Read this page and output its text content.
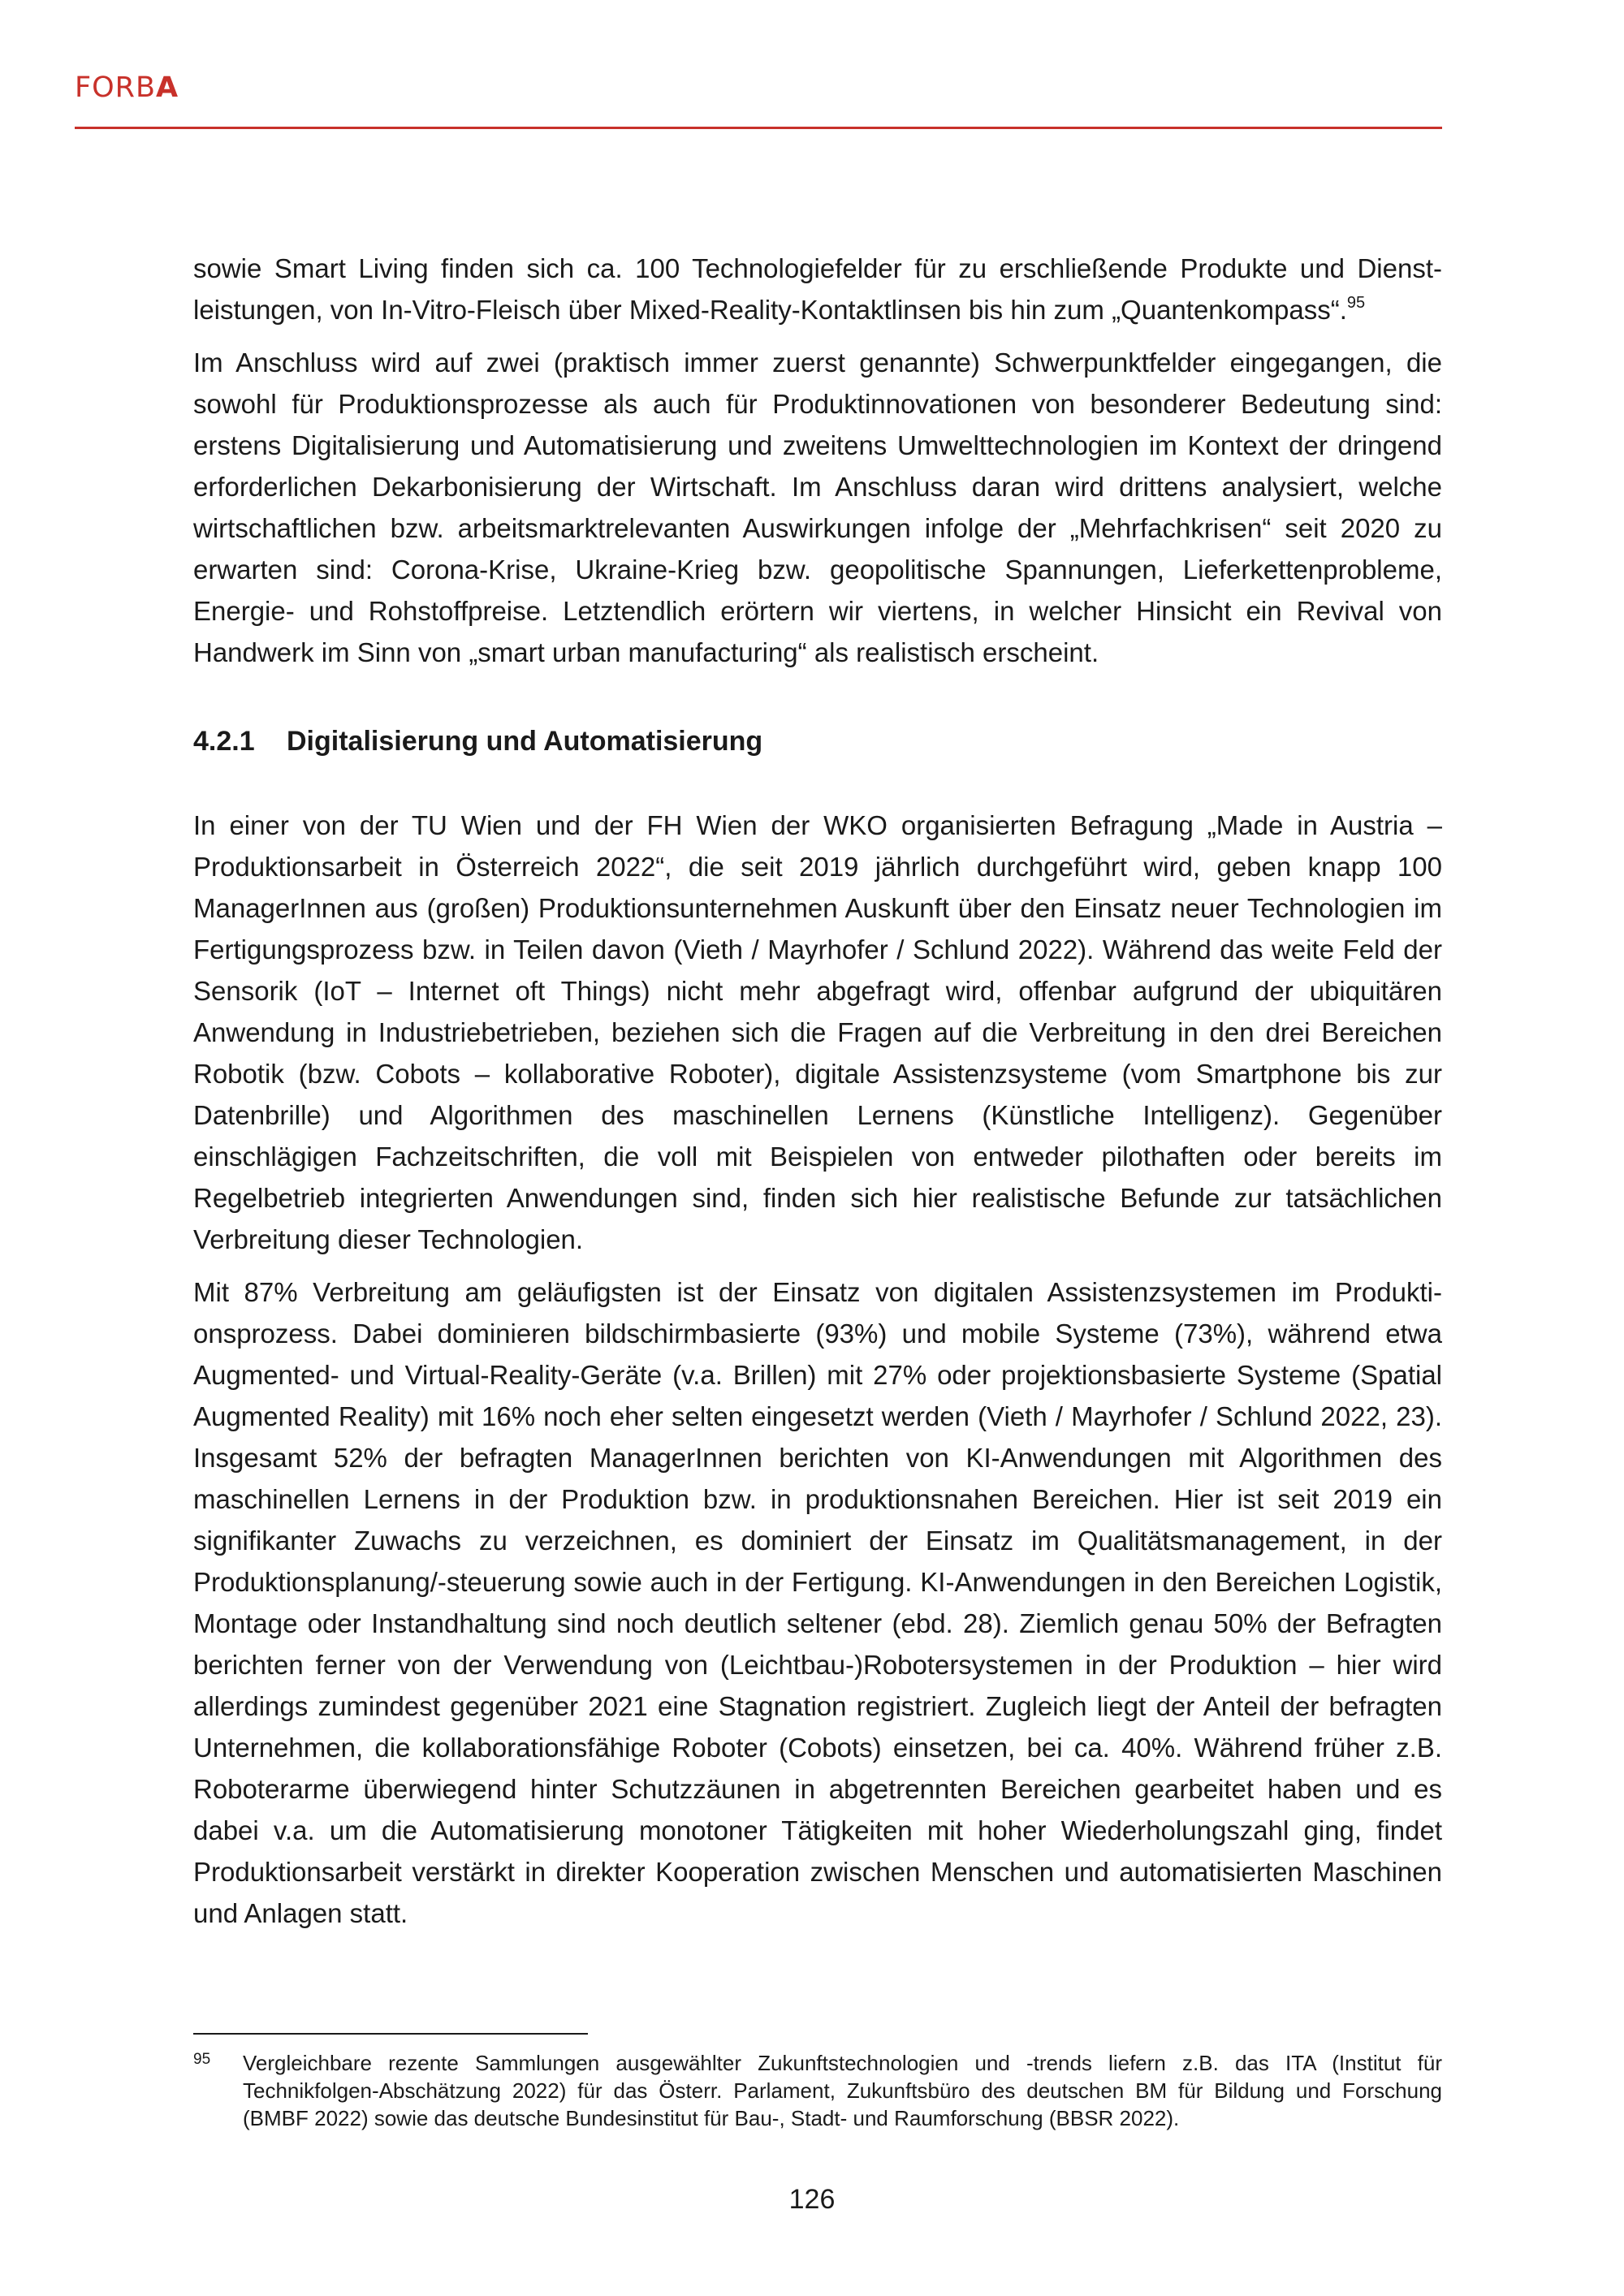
FORBA

sowie Smart Living finden sich ca. 100 Technologiefelder für zu erschließende Produkte und Dienstleistungen, von In-Vitro-Fleisch über Mixed-Reality-Kontaktlinsen bis hin zum „Quantenkompass“.$^{95}$

Im Anschluss wird auf zwei (praktisch immer zuerst genannte) Schwerpunktfelder eingegangen, die sowohl für Produktionsprozesse als auch für Produktinnovationen von besonderer Bedeutung sind: erstens Digitalisierung und Automatisierung und zweitens Umwelttechnologien im Kontext der dringend erforderlichen Dekarbonisierung der Wirtschaft. Im Anschluss daran wird drittens analysiert, welche wirtschaftlichen bzw. arbeitsmarktrelevanten Auswirkungen infolge der „Mehrfachkrisen“ seit 2020 zu erwarten sind: Corona-Krise, Ukraine-Krieg bzw. geopolitische Spannungen, Lieferkettenprobleme, Energie- und Rohstoffpreise. Letztendlich erörtern wir viertens, in welcher Hinsicht ein Revival von Handwerk im Sinn von „smart urban manufacturing“ als realistisch erscheint.

4.2.1 Digitalisierung und Automatisierung

In einer von der TU Wien und der FH Wien der WKO organisierten Befragung „Made in Austria – Produktionsarbeit in Österreich 2022“, die seit 2019 jährlich durchgeführt wird, geben knapp 100 ManagerInnen aus (großen) Produktionsunternehmen Auskunft über den Einsatz neuer Technologien im Fertigungsprozess bzw. in Teilen davon (Vieth / Mayrhofer / Schlund 2022). Während das weite Feld der Sensorik (IoT – Internet oft Things) nicht mehr abgefragt wird, offenbar aufgrund der ubiquitären Anwendung in Industriebetrieben, beziehen sich die Fragen auf die Verbreitung in den drei Bereichen Robotik (bzw. Cobots – kollaborative Roboter), digitale Assistenzsysteme (vom Smartphone bis zur Datenbrille) und Algorithmen des maschinellen Lernens (Künstliche Intelligenz). Gegenüber einschlägigen Fachzeitschriften, die voll mit Beispielen von entweder pilothaften oder bereits im Regelbetrieb integrierten Anwendungen sind, finden sich hier realistische Befunde zur tatsächlichen Verbreitung dieser Technologien.

Mit 87% Verbreitung am geläufigsten ist der Einsatz von digitalen Assistenzsystemen im Produktionsprozess. Dabei dominieren bildschirmbasierte (93%) und mobile Systeme (73%), während etwa Augmented- und Virtual-Reality-Geräte (v.a. Brillen) mit 27% oder projektionsbasierte Systeme (Spatial Augmented Reality) mit 16% noch eher selten eingesetzt werden (Vieth / Mayrhofer / Schlund 2022, 23). Insgesamt 52% der befragten ManagerInnen berichten von KI-Anwendungen mit Algorithmen des maschinellen Lernens in der Produktion bzw. in produktionsnahen Bereichen. Hier ist seit 2019 ein signifikanter Zuwachs zu verzeichnen, es dominiert der Einsatz im Qualitätsmanagement, in der Produktionsplanung/-steuerung sowie auch in der Fertigung. KI-Anwendungen in den Bereichen Logistik, Montage oder Instandhaltung sind noch deutlich seltener (ebd. 28). Ziemlich genau 50% der Befragten berichten ferner von der Verwendung von (Leichtbau-)Robotersystemen in der Produktion – hier wird allerdings zumindest gegenüber 2021 eine Stagnation registriert. Zugleich liegt der Anteil der befragten Unternehmen, die kollaborationsfähige Roboter (Cobots) einsetzen, bei ca. 40%. Während früher z.B. Roboterarme überwiegend hinter Schutzzäunen in abgetrennten Bereichen gearbeitet haben und es dabei v.a. um die Automatisierung monotoner Tätigkeiten mit hoher Wiederholungszahl ging, findet Produktionsarbeit verstärkt in direkter Kooperation zwischen Menschen und automatisierten Maschinen und Anlagen statt.

95 Vergleichbare rezente Sammlungen ausgewählter Zukunftstechnologien und -trends liefern z.B. das ITA (Institut für Technikfolgen-Abschätzung 2022) für das Österr. Parlament, Zukunftsbüro des deutschen BM für Bildung und Forschung (BMBF 2022) sowie das deutsche Bundesinstitut für Bau-, Stadt- und Raumforschung (BBSR 2022).
126
